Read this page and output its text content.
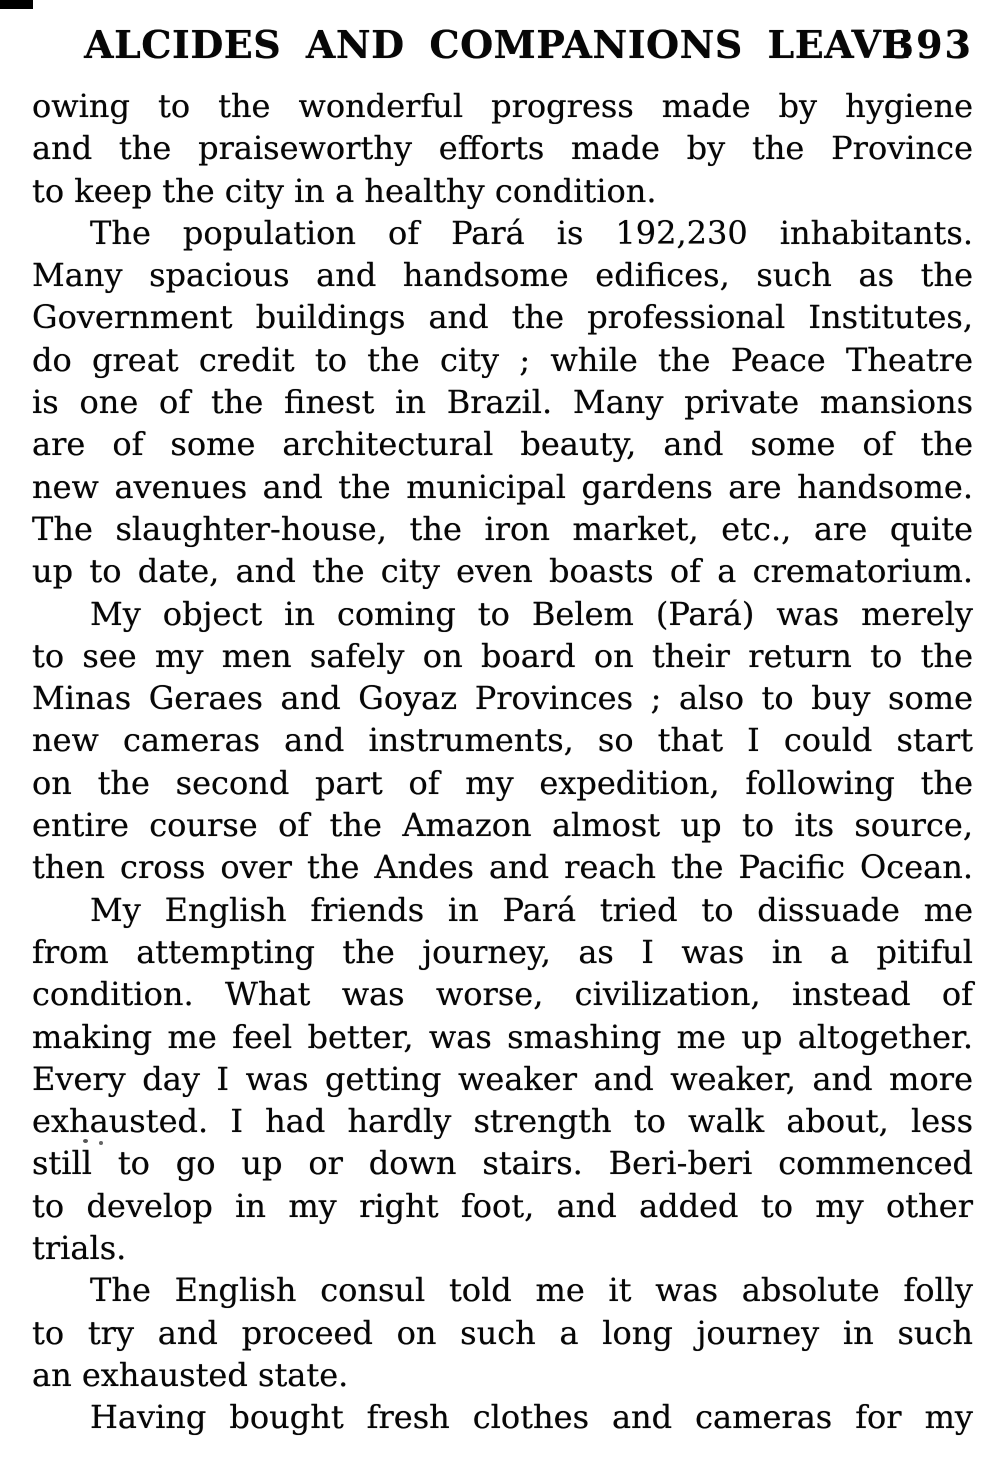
ALCIDES AND COMPANIONS LEAVE
393
owing to the wonderful progress made by hygiene
and the praiseworthy efforts made by the Province
to keep the city in a healthy condition.
The population of Pará is 192,230 inhabitants.
Many spacious and handsome edifices, such as the
Government buildings and the professional Institutes,
do great credit to the city ; while the Peace Theatre
is one of the finest in Brazil. Many private mansions
are of some architectural beauty, and some of the
new avenues and the municipal gardens are handsome.
The slaughter-house, the iron market, etc., are quite
up to date, and the city even boasts of a crematorium.
My object in coming to Belem (Pará) was merely
to see my men safely on board on their return to the
Minas Geraes and Goyaz Provinces ; also to buy some
new cameras and instruments, so that I could start
on the second part of my expedition, following the
entire course of the Amazon almost up to its source,
then cross over the Andes and reach the Pacific Ocean.
My English friends in Pará tried to dissuade me
from attempting the journey, as I was in a pitiful
condition. What was worse, civilization, instead of
making me feel better, was smashing me up altogether.
Every day I was getting weaker and weaker, and more
exhausted. I had hardly strength to walk about, less
still to go up or down stairs. Beri-beri commenced
to develop in my right foot, and added to my other
trials.
The English consul told me it was absolute folly
to try and proceed on such a long journey in such
an exhausted state.
Having bought fresh clothes and cameras for my
